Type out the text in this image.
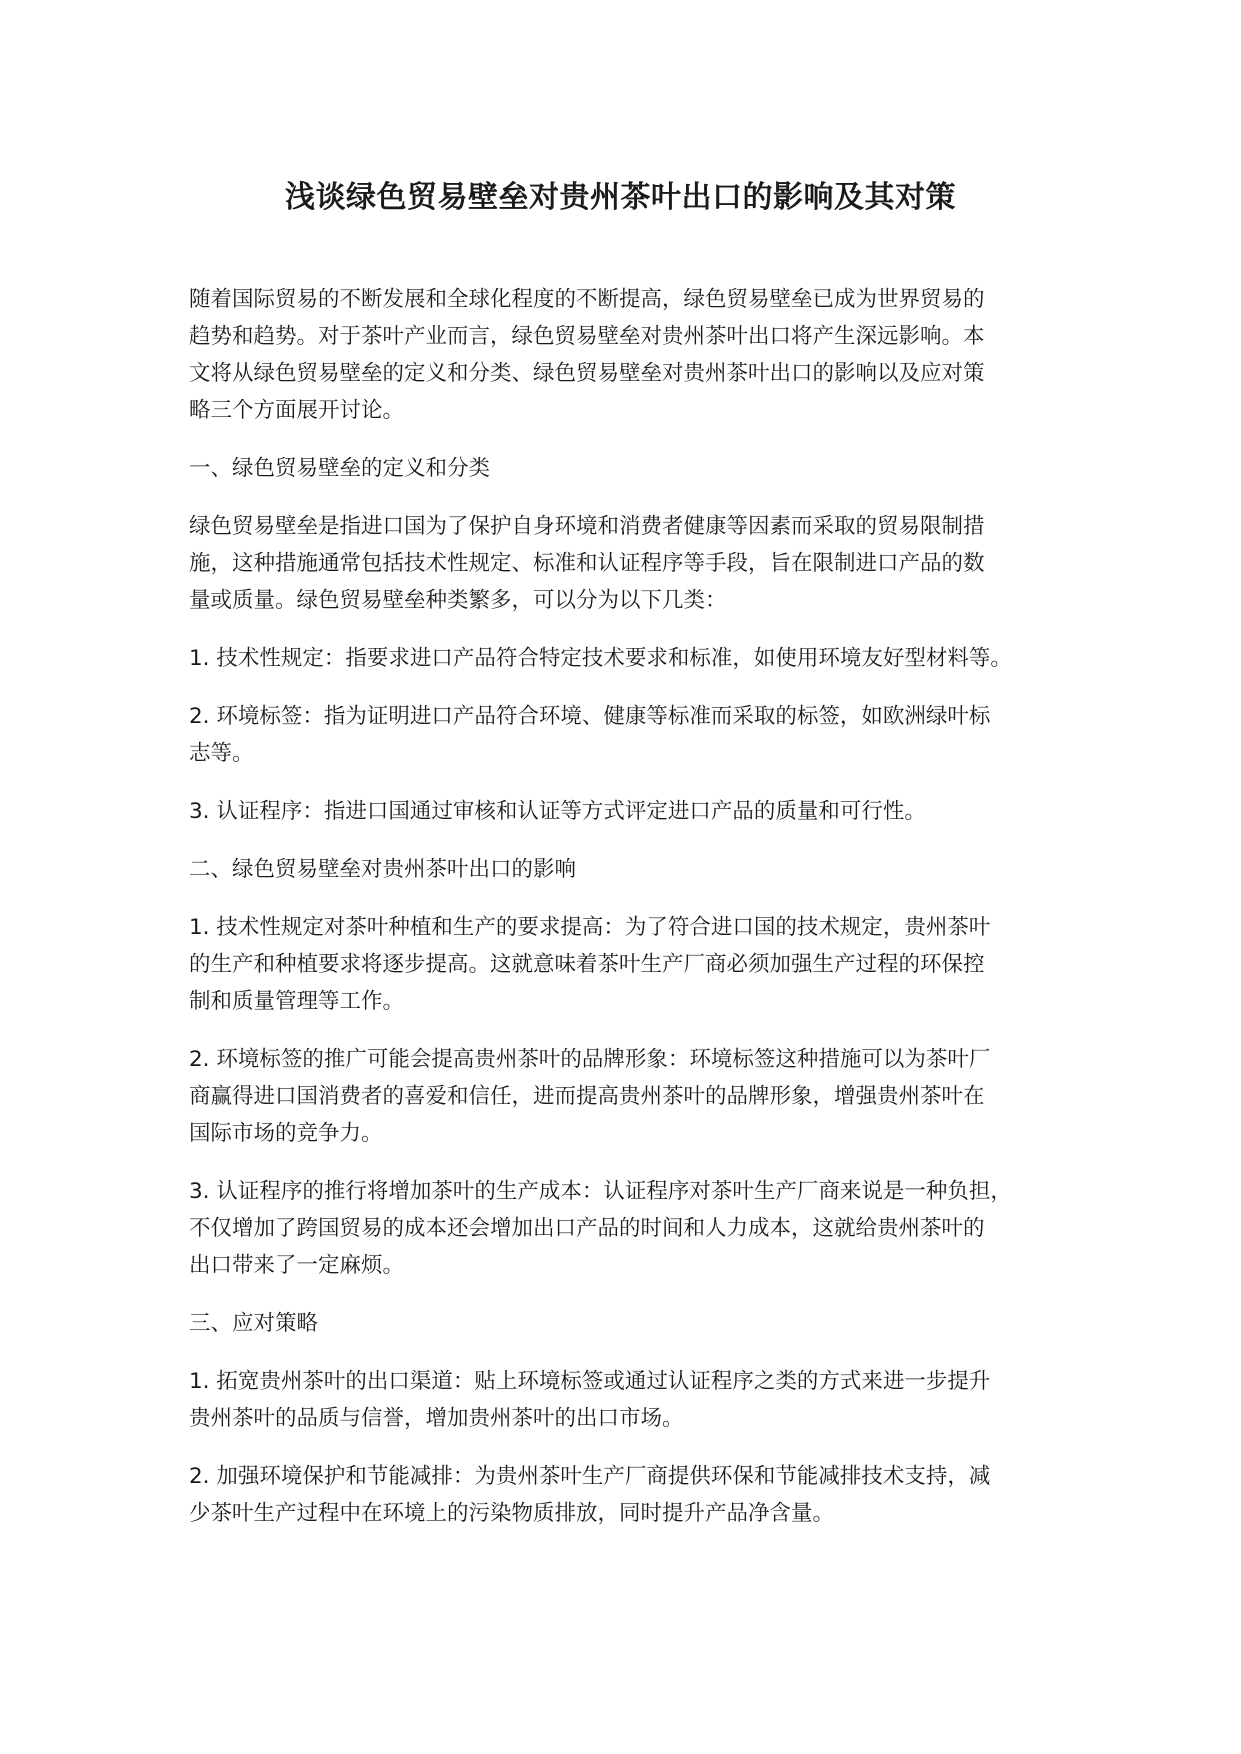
浅谈绿色贸易壁垒对贵州茶叶出口的影响及其对策

随着国际贸易的不断发展和全球化程度的不断提高，绿色贸易壁垒已成为世界贸易的

趋势和趋势。对于茶叶产业而言，绿色贸易壁垒对贵州茶叶出口将产生深远影响。本

文将从绿色贸易壁垒的定义和分类、绿色贸易壁垒对贵州茶叶出口的影响以及应对策

略三个方面展开讨论。

一、绿色贸易壁垒的定义和分类

绿色贸易壁垒是指进口国为了保护自身环境和消费者健康等因素而采取的贸易限制措

施，这种措施通常包括技术性规定、标准和认证程序等手段，旨在限制进口产品的数

量或质量。绿色贸易壁垒种类繁多，可以分为以下几类：

1. 技术性规定：指要求进口产品符合特定技术要求和标准，如使用环境友好型材料等。

2. 环境标签：指为证明进口产品符合环境、健康等标准而采取的标签，如欧洲绿叶标

志等。

3. 认证程序：指进口国通过审核和认证等方式评定进口产品的质量和可行性。

二、绿色贸易壁垒对贵州茶叶出口的影响

1. 技术性规定对茶叶种植和生产的要求提高：为了符合进口国的技术规定，贵州茶叶

的生产和种植要求将逐步提高。这就意味着茶叶生产厂商必须加强生产过程的环保控

制和质量管理等工作。

2. 环境标签的推广可能会提高贵州茶叶的品牌形象：环境标签这种措施可以为茶叶厂

商赢得进口国消费者的喜爱和信任，进而提高贵州茶叶的品牌形象，增强贵州茶叶在

国际市场的竞争力。

3. 认证程序的推行将增加茶叶的生产成本：认证程序对茶叶生产厂商来说是一种负担，

不仅增加了跨国贸易的成本还会增加出口产品的时间和人力成本，这就给贵州茶叶的

出口带来了一定麻烦。

三、应对策略

1. 拓宽贵州茶叶的出口渠道：贴上环境标签或通过认证程序之类的方式来进一步提升

贵州茶叶的品质与信誉，增加贵州茶叶的出口市场。

2. 加强环境保护和节能减排：为贵州茶叶生产厂商提供环保和节能减排技术支持，减

少茶叶生产过程中在环境上的污染物质排放，同时提升产品净含量。
